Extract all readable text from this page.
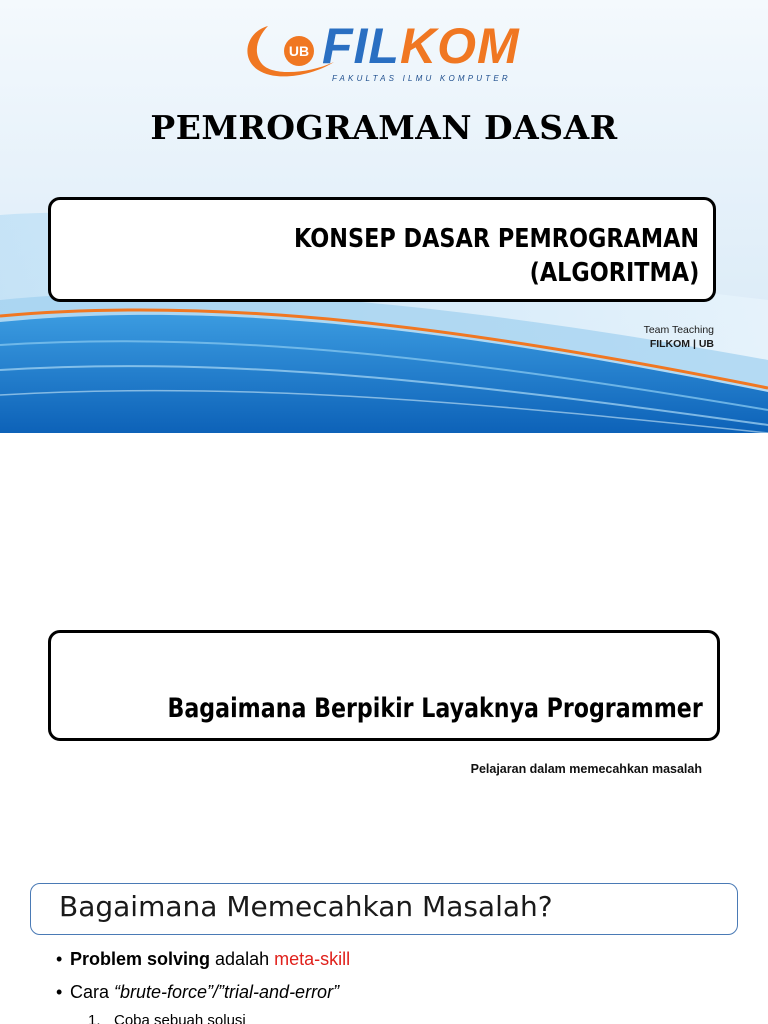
UB FILKOM
FAKULTAS ILMU KOMPUTER
PEMROGRAMAN DASAR
KONSEP DASAR PEMROGRAMAN
(ALGORITMA)
Team Teaching
FILKOM | UB
Bagaimana Berpikir Layaknya Programmer
Pelajaran dalam memecahkan masalah
Bagaimana Memecahkan Masalah?
• Problem solving adalah meta-skill
• Cara “brute-force”/”trial-and-error”
1. Coba sebuah solusi
